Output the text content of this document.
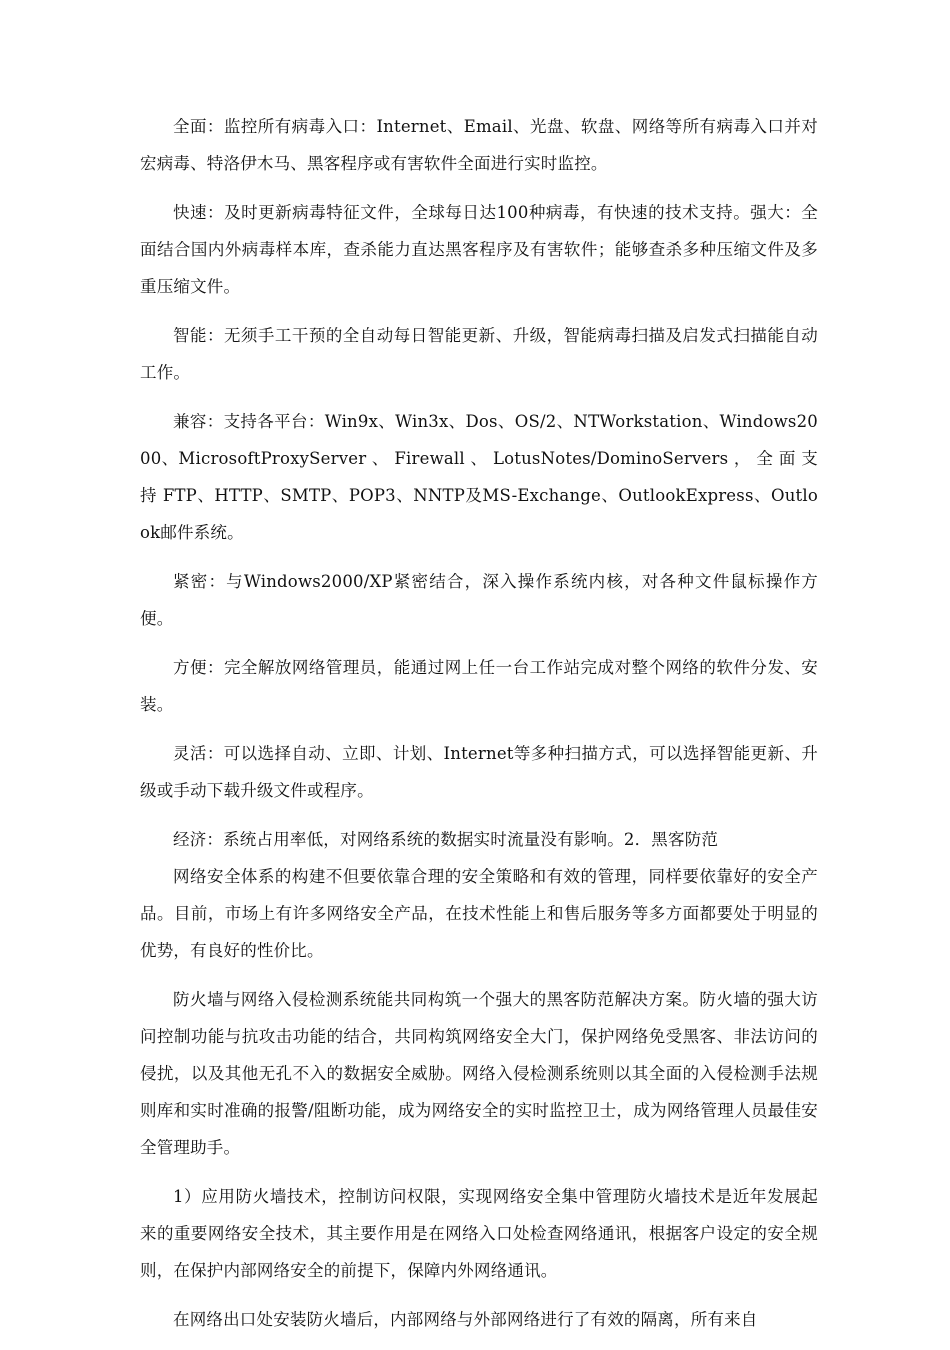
全面：监控所有病毒入口：Internet、Email、光盘、软盘、网络等所有病毒入口并对宏病毒、特洛伊木马、黑客程序或有害软件全面进行实时监控。

快速：及时更新病毒特征文件，全球每日达100种病毒，有快速的技术支持。强大：全面结合国内外病毒样本库，查杀能力直达黑客程序及有害软件；能够查杀多种压缩文件及多重压缩文件。

智能：无须手工干预的全自动每日智能更新、升级，智能病毒扫描及启发式扫描能自动工作。

兼容：支持各平台：Win9x、Win3x、Dos、OS/2、NTWorkstation、Windows2000、MicrosoftProxyServer 、 Firewall 、 LotusNotes/DominoServers ， 全 面 支 持 FTP、HTTP、SMTP、POP3、NNTP及MS-Exchange、OutlookExpress、Outlook邮件系统。

紧密：与Windows2000/XP紧密结合，深入操作系统内核，对各种文件鼠标操作方便。

方便：完全解放网络管理员，能通过网上任一台工作站完成对整个网络的软件分发、安装。

灵活：可以选择自动、立即、计划、Internet等多种扫描方式，可以选择智能更新、升级或手动下载升级文件或程序。

经济：系统占用率低，对网络系统的数据实时流量没有影响。2．黑客防范

网络安全体系的构建不但要依靠合理的安全策略和有效的管理，同样要依靠好的安全产品。目前，市场上有许多网络安全产品，在技术性能上和售后服务等多方面都要处于明显的优势，有良好的性价比。

防火墙与网络入侵检测系统能共同构筑一个强大的黑客防范解决方案。防火墙的强大访问控制功能与抗攻击功能的结合，共同构筑网络安全大门，保护网络免受黑客、非法访问的侵扰，以及其他无孔不入的数据安全威胁。网络入侵检测系统则以其全面的入侵检测手法规则库和实时准确的报警/阻断功能，成为网络安全的实时监控卫士，成为网络管理人员最佳安全管理助手。

1）应用防火墙技术，控制访问权限，实现网络安全集中管理防火墙技术是近年发展起来的重要网络安全技术，其主要作用是在网络入口处检查网络通讯，根据客户设定的安全规则，在保护内部网络安全的前提下，保障内外网络通讯。

在网络出口处安装防火墙后，内部网络与外部网络进行了有效的隔离，所有来自
